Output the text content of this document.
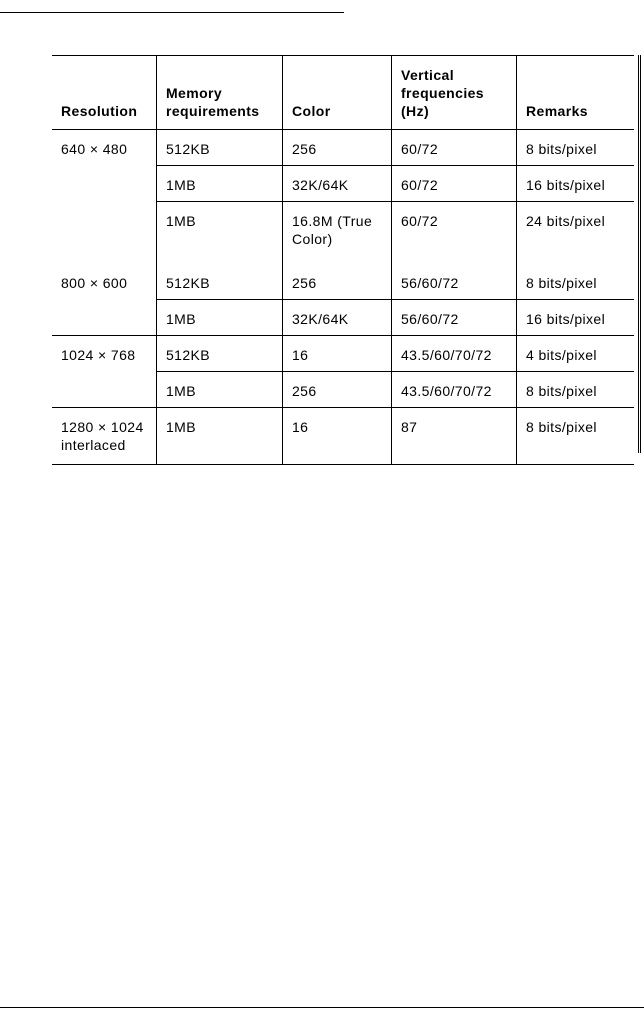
Resolution	Memory requirements	Color	Vertical frequencies (Hz)	Remarks
640 × 480	512KB	256	60/72	8 bits/pixel
	1MB	32K/64K	60/72	16 bits/pixel
	1MB	16.8M (True Color)	60/72	24 bits/pixel
800 × 600	512KB	256	56/60/72	8 bits/pixel
	1MB	32K/64K	56/60/72	16 bits/pixel
1024 × 768	512KB	16	43.5/60/70/72	4 bits/pixel
	1MB	256	43.5/60/70/72	8 bits/pixel
1280 × 1024 interlaced	1MB	16	87	8 bits/pixel
